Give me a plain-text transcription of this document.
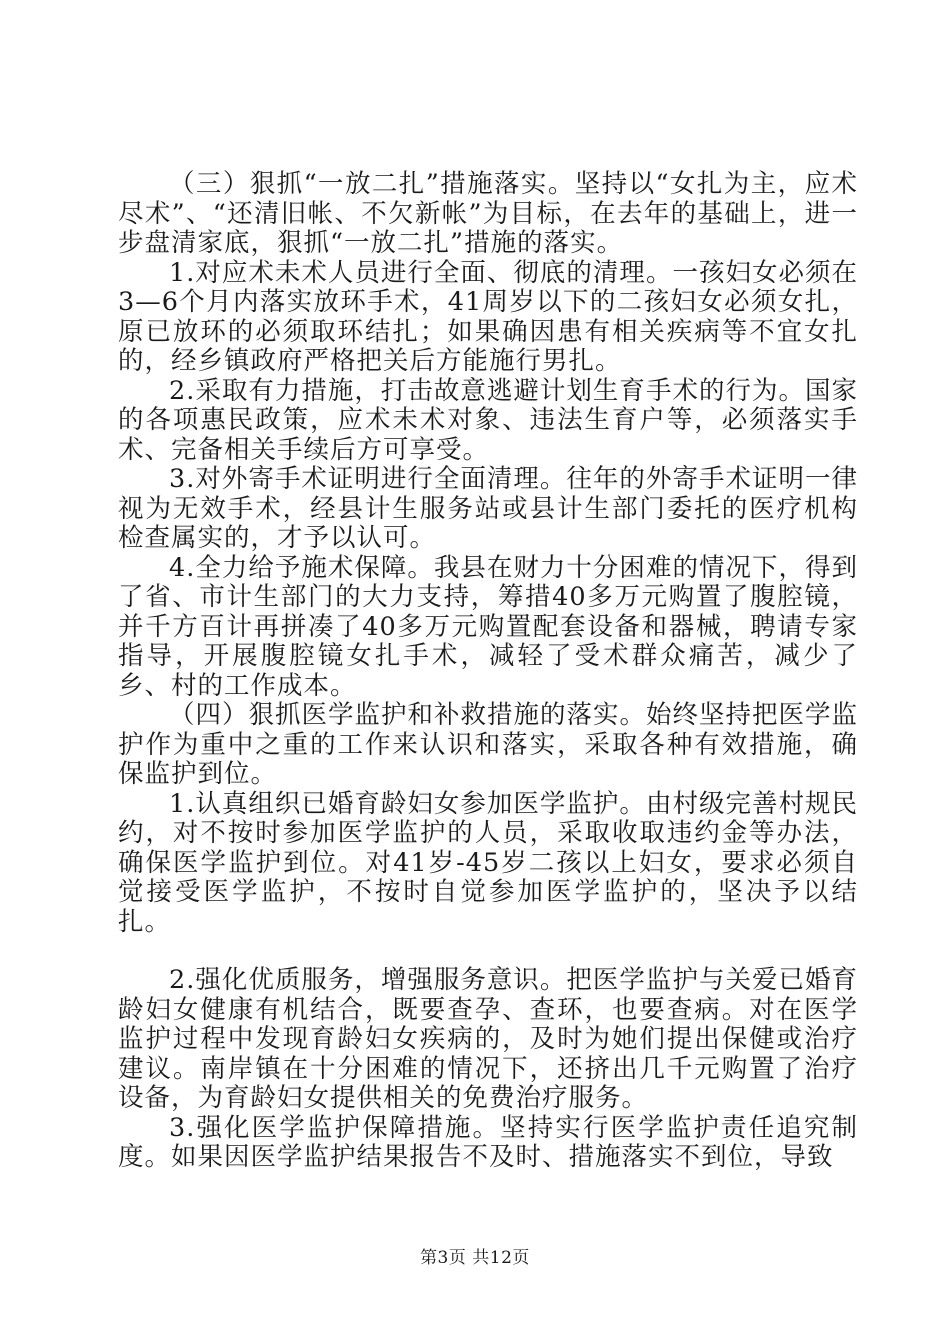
（三）狠抓“一放二扎”措施落实。坚持以“女扎为主，应术尽术”、“还清旧帐、不欠新帐”为目标，在去年的基础上，进一步盘清家底，狠抓“一放二扎”措施的落实。

1.对应术未术人员进行全面、彻底的清理。一孩妇女必须在3—6个月内落实放环手术，41周岁以下的二孩妇女必须女扎，原已放环的必须取环结扎；如果确因患有相关疾病等不宜女扎的，经乡镇政府严格把关后方能施行男扎。

2.采取有力措施，打击故意逃避计划生育手术的行为。国家的各项惠民政策，应术未术对象、违法生育户等，必须落实手术、完备相关手续后方可享受。

3.对外寄手术证明进行全面清理。往年的外寄手术证明一律视为无效手术，经县计生服务站或县计生部门委托的医疗机构检查属实的，才予以认可。

4.全力给予施术保障。我县在财力十分困难的情况下，得到了省、市计生部门的大力支持，筹措40多万元购置了腹腔镜，并千方百计再拼凑了40多万元购置配套设备和器械，聘请专家指导，开展腹腔镜女扎手术，减轻了受术群众痛苦，减少了乡、村的工作成本。

（四）狠抓医学监护和补救措施的落实。始终坚持把医学监护作为重中之重的工作来认识和落实，采取各种有效措施，确保监护到位。

1.认真组织已婚育龄妇女参加医学监护。由村级完善村规民约，对不按时参加医学监护的人员，采取收取违约金等办法，确保医学监护到位。对41岁-45岁二孩以上妇女，要求必须自觉接受医学监护，不按时自觉参加医学监护的，坚决予以结扎。

2.强化优质服务，增强服务意识。把医学监护与关爱已婚育龄妇女健康有机结合，既要查孕、查环，也要查病。对在医学监护过程中发现育龄妇女疾病的，及时为她们提出保健或治疗建议。南岸镇在十分困难的情况下，还挤出几千元购置了治疗设备，为育龄妇女提供相关的免费治疗服务。

3.强化医学监护保障措施。坚持实行医学监护责任追究制度。如果因医学监护结果报告不及时、措施落实不到位，导致

第3页 共12页
